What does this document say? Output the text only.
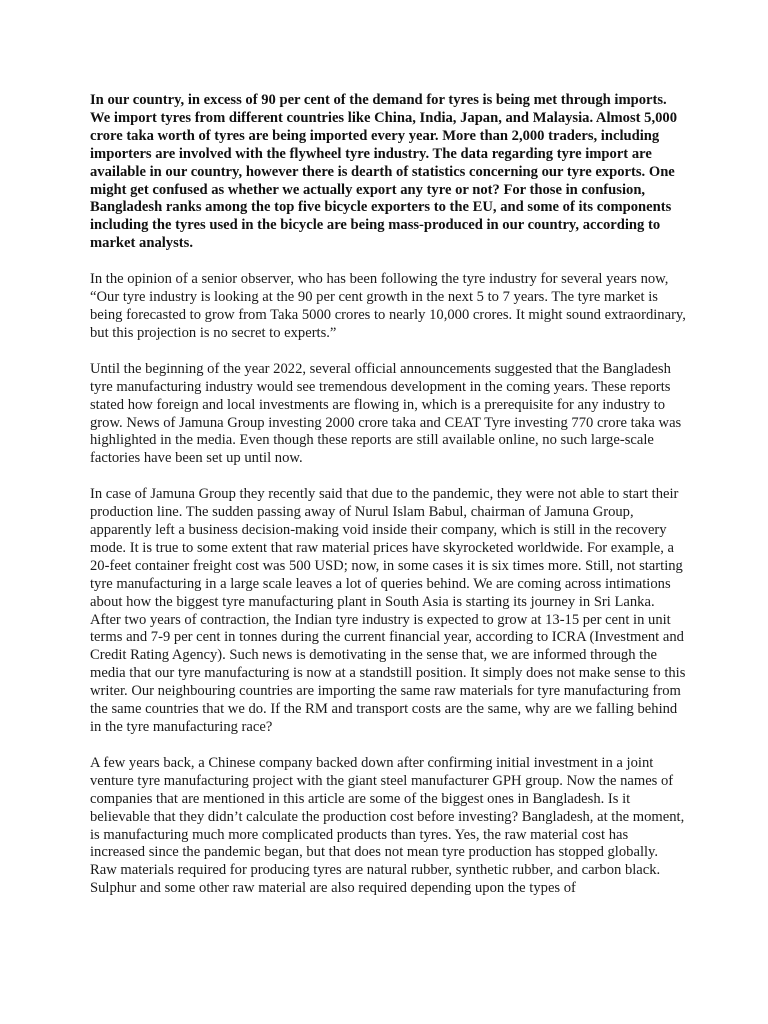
In our country, in excess of 90 per cent of the demand for tyres is being met through imports. We import tyres from different countries like China, India, Japan, and Malaysia. Almost 5,000 crore taka worth of tyres are being imported every year. More than 2,000 traders, including importers are involved with the flywheel tyre industry. The data regarding tyre import are available in our country, however there is dearth of statistics concerning our tyre exports. One might get confused as whether we actually export any tyre or not? For those in confusion, Bangladesh ranks among the top five bicycle exporters to the EU, and some of its components including the tyres used in the bicycle are being mass-produced in our country, according to market analysts.

In the opinion of a senior observer, who has been following the tyre industry for several years now, “Our tyre industry is looking at the 90 per cent growth in the next 5 to 7 years. The tyre market is being forecasted to grow from Taka 5000 crores to nearly 10,000 crores. It might sound extraordinary, but this projection is no secret to experts.”

Until the beginning of the year 2022, several official announcements suggested that the Bangladesh tyre manufacturing industry would see tremendous development in the coming years. These reports stated how foreign and local investments are flowing in, which is a prerequisite for any industry to grow. News of Jamuna Group investing 2000 crore taka and CEAT Tyre investing 770 crore taka was highlighted in the media. Even though these reports are still available online, no such large-scale factories have been set up until now.

In case of Jamuna Group they recently said that due to the pandemic, they were not able to start their production line. The sudden passing away of Nurul Islam Babul, chairman of Jamuna Group, apparently left a business decision-making void inside their company, which is still in the recovery mode. It is true to some extent that raw material prices have skyrocketed worldwide. For example, a 20-feet container freight cost was 500 USD; now, in some cases it is six times more. Still, not starting tyre manufacturing in a large scale leaves a lot of queries behind. We are coming across intimations about how the biggest tyre manufacturing plant in South Asia is starting its journey in Sri Lanka. After two years of contraction, the Indian tyre industry is expected to grow at 13-15 per cent in unit terms and 7-9 per cent in tonnes during the current financial year, according to ICRA (Investment and Credit Rating Agency). Such news is demotivating in the sense that, we are informed through the media that our tyre manufacturing is now at a standstill position. It simply does not make sense to this writer. Our neighbouring countries are importing the same raw materials for tyre manufacturing from the same countries that we do. If the RM and transport costs are the same, why are we falling behind in the tyre manufacturing race?

A few years back, a Chinese company backed down after confirming initial investment in a joint venture tyre manufacturing project with the giant steel manufacturer GPH group. Now the names of companies that are mentioned in this article are some of the biggest ones in Bangladesh. Is it believable that they didn’t calculate the production cost before investing? Bangladesh, at the moment, is manufacturing much more complicated products than tyres. Yes, the raw material cost has increased since the pandemic began, but that does not mean tyre production has stopped globally. Raw materials required for producing tyres are natural rubber, synthetic rubber, and carbon black. Sulphur and some other raw material are also required depending upon the types of
